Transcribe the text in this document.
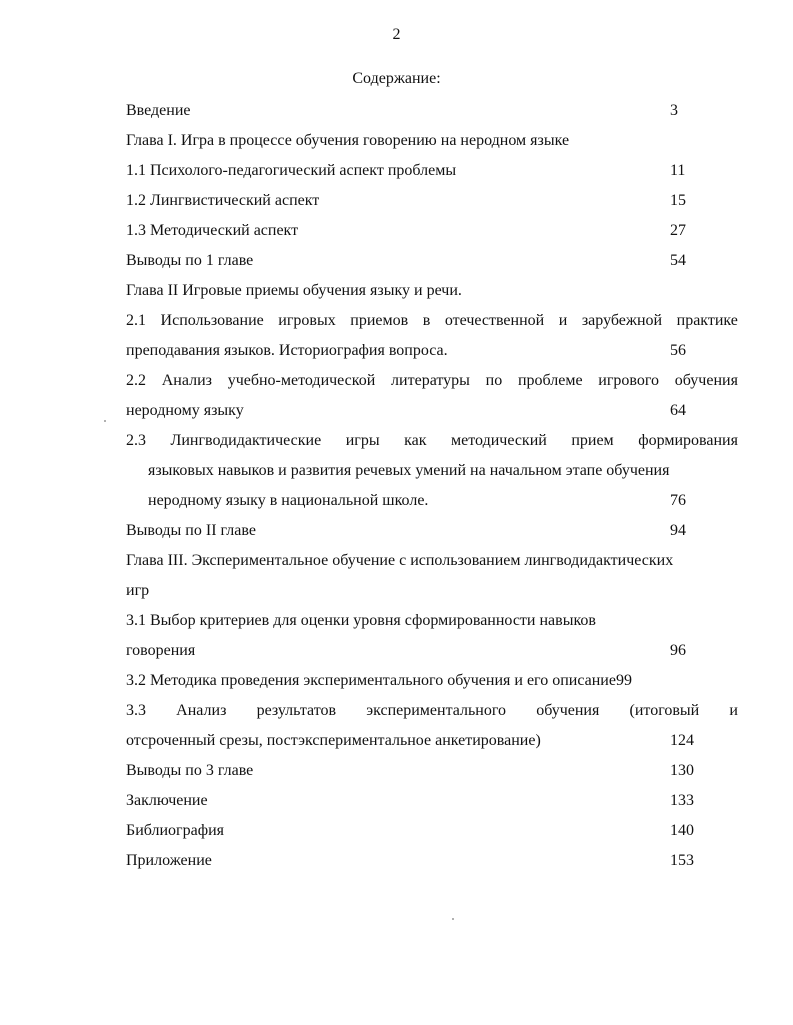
2
Содержание:
Введение	3
Глава I. Игра в процессе обучения говорению на неродном языке
1.1 Психолого-педагогический аспект проблемы	11
1.2 Лингвистический аспект	15
1.3 Методический аспект	27
Выводы по 1 главе	54
Глава II Игровые приемы обучения языку и речи.
2.1 Использование игровых приемов в отечественной и зарубежной практике
преподавания языков. Историография вопроса.	56
2.2 Анализ учебно-методической литературы по проблеме игрового обучения
неродному языку	64
2.3 Лингводидактические игры как методический прием формирования
языковых навыков и развития речевых умений на начальном этапе обучения
неродному языку в национальной школе.	76
Выводы по II главе	94
Глава III. Экспериментальное обучение с использованием лингводидактических
игр
3.1 Выбор критериев для оценки уровня сформированности навыков
говорения	96
3.2 Методика проведения экспериментального обучения и его описание99
3.3 Анализ результатов экспериментального обучения (итоговый и
отсроченный срезы, постэкспериментальное анкетирование)	124
Выводы по 3 главе	130
Заключение	133
Библиография	140
Приложение	153
